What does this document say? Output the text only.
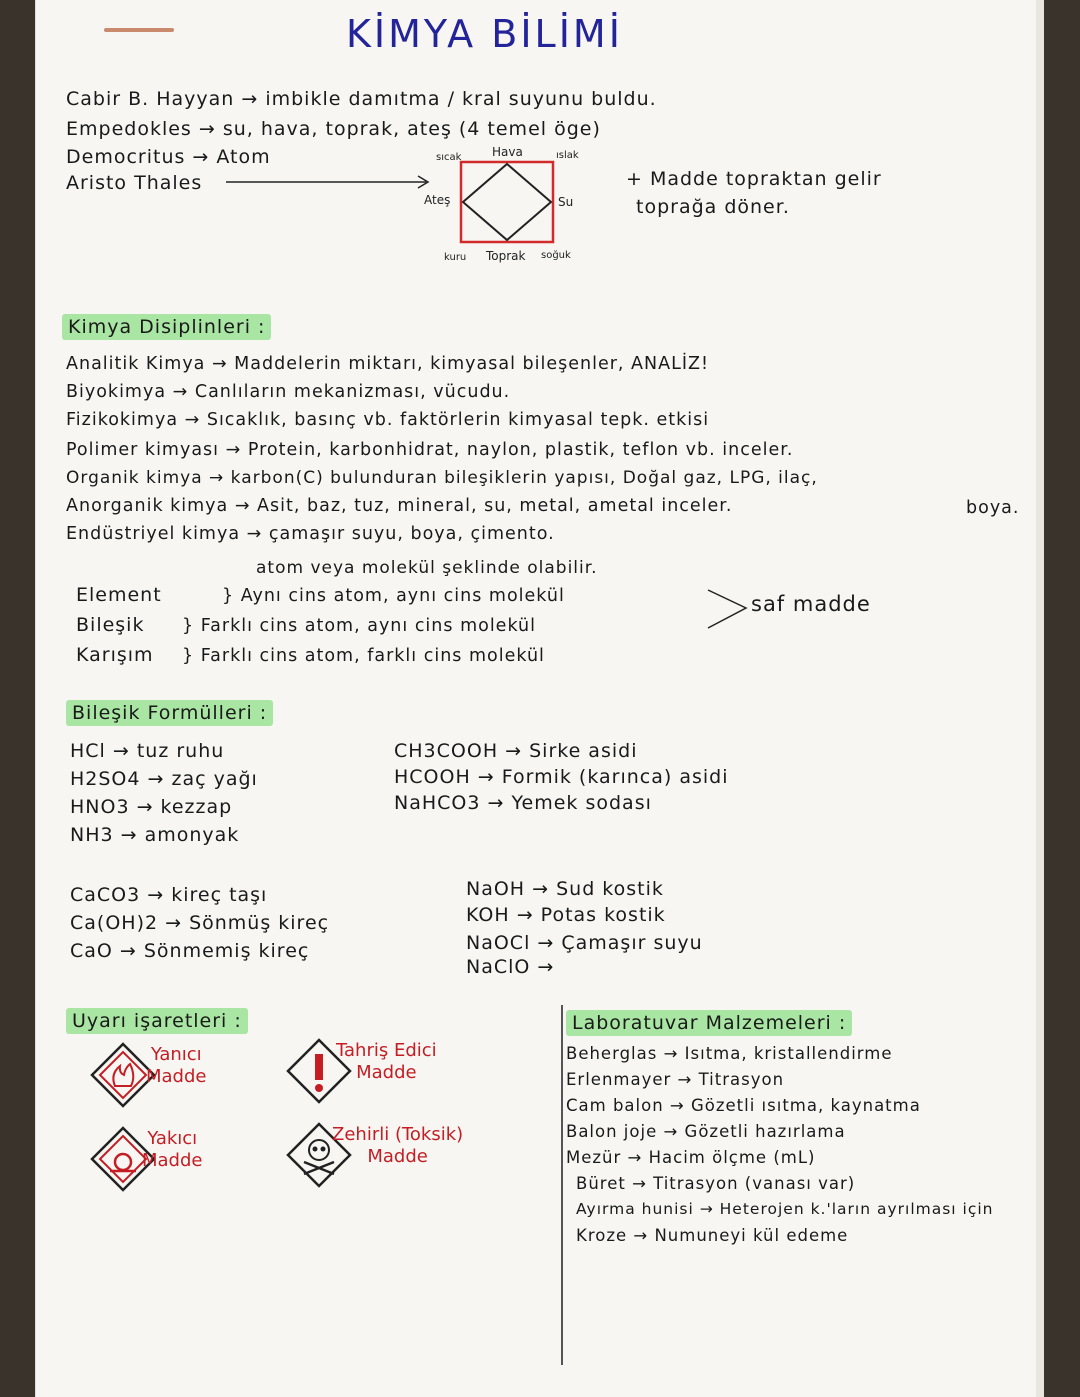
KİMYA BİLİMİ
Cabir B. Hayyan → imbikle damıtma / kral suyunu buldu.
Empedokles → su, hava, toprak, ateş (4 temel öge)
Democritus → Atom
Aristo Thales
Hava
Toprak
Ateş	Su
sıcak	ıslak
kuru	soğuk
+ Madde topraktan gelir
toprağa döner.
Kimya Disiplinleri :
Analitik Kimya → Maddelerin miktarı, kimyasal bileşenler, ANALİZ!
Biyokimya → Canlıların mekanizması, vücudu.
Fizikokimya → Sıcaklık, basınç vb. faktörlerin kimyasal tepk. etkisi
Polimer kimyası → Protein, karbonhidrat, naylon, plastik, teflon vb. inceler.
Organik kimya → karbon(C) bulunduran bileşiklerin yapısı, Doğal gaz, LPG, ilaç,
Anorganik kimya → Asit, baz, tuz, mineral, su, metal, ametal inceler.	boya.
Endüstriyel kimya → çamaşır suyu, boya, çimento.
atom veya molekül şeklinde olabilir.
Element	} Aynı cins atom, aynı cins molekül
Bileşik } Farklı cins atom, aynı cins molekül
Karışım } Farklı cins atom, farklı cins molekül
saf madde
Bileşik Formülleri :
HCl → tuz ruhu
H2SO4 → zaç yağı
HNO3 → kezzap
NH3 → amonyak
CH3COOH → Sirke asidi
HCOOH → Formik (karınca) asidi
NaHCO3 → Yemek sodası
CaCO3 → kireç taşı
Ca(OH)2 → Sönmüş kireç
CaO → Sönmemiş kireç
NaOH → Sud kostik
KOH → Potas kostik
NaOCl → Çamaşır suyu
NaClO →
Uyarı işaretleri :
Yanıcı
Madde
Tahriş Edici
Madde
Yakıcı
Madde
Zehirli (Toksik)
Madde
Laboratuvar Malzemeleri :
Beherglas → Isıtma, kristallendirme
Erlenmayer → Titrasyon
Cam balon → Gözetli ısıtma, kaynatma
Balon joje → Gözetli hazırlama
Mezür → Hacim ölçme (mL)
Büret → Titrasyon (vanası var)
Ayırma hunisi → Heterojen k.'ların ayrılması için
Kroze → Numuneyi kül edeme
